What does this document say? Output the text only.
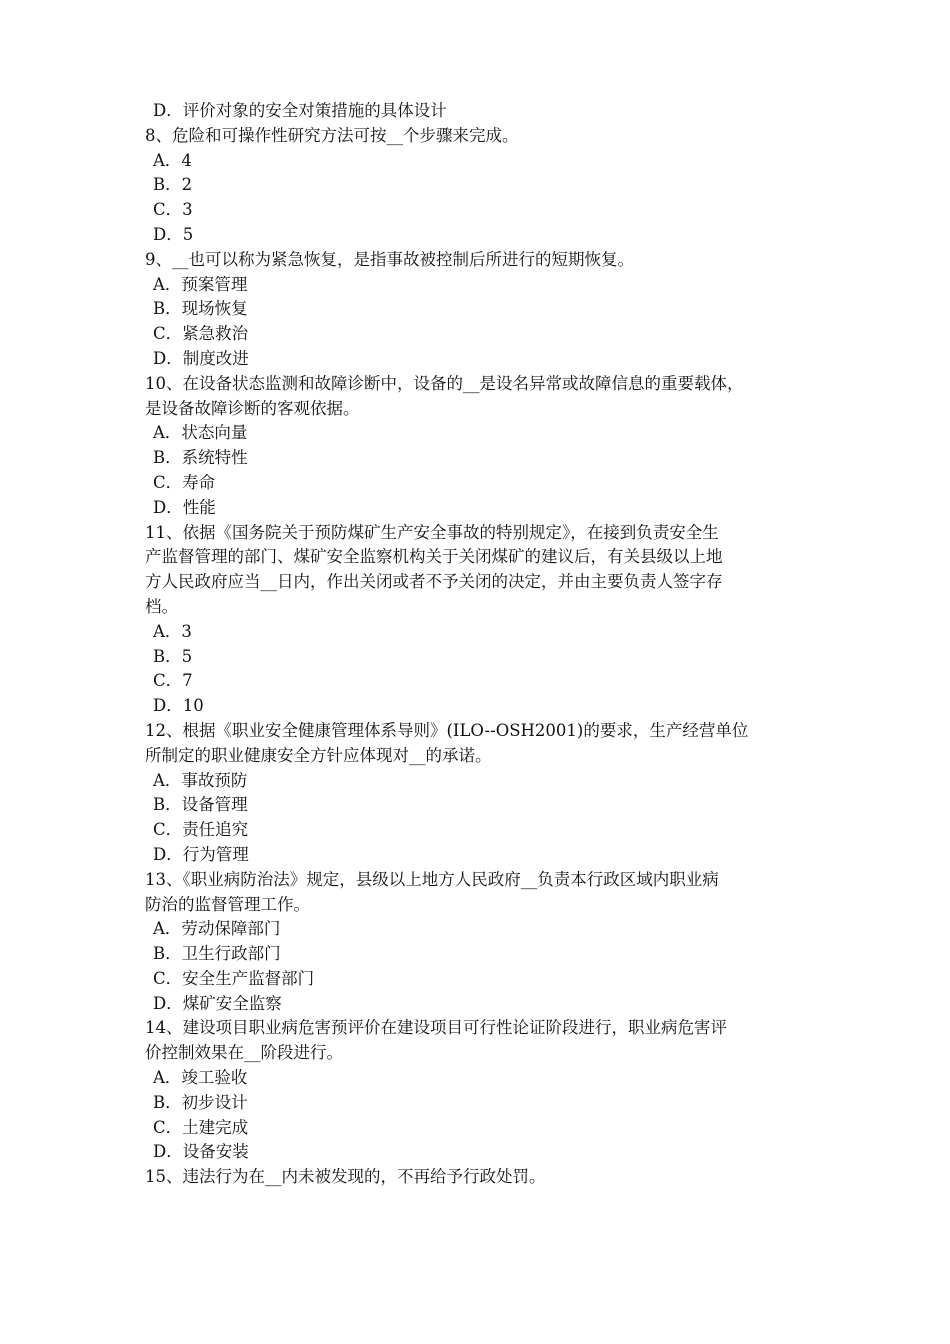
D．评价对象的安全对策措施的具体设计
8、危险和可操作性研究方法可按__个步骤来完成。
A．4
B．2
C．3
D．5
9、__也可以称为紧急恢复，是指事故被控制后所进行的短期恢复。
A．预案管理
B．现场恢复
C．紧急救治
D．制度改进
10、在设备状态监测和故障诊断中，设备的__是设名异常或故障信息的重要载体，
是设备故障诊断的客观依据。
A．状态向量
B．系统特性
C．寿命
D．性能
11、依据《国务院关于预防煤矿生产安全事故的特别规定》，在接到负责安全生
产监督管理的部门、煤矿安全监察机构关于关闭煤矿的建议后，有关县级以上地
方人民政府应当__日内，作出关闭或者不予关闭的决定，并由主要负责人签字存
档。
A．3
B．5
C．7
D．10
12、根据《职业安全健康管理体系导则》(ILO--OSH2001)的要求，生产经营单位
所制定的职业健康安全方针应体现对__的承诺。
A．事故预防
B．设备管理
C．责任追究
D．行为管理
13、《职业病防治法》规定，县级以上地方人民政府__负责本行政区域内职业病
防治的监督管理工作。
A．劳动保障部门
B．卫生行政部门
C．安全生产监督部门
D．煤矿安全监察
14、建设项目职业病危害预评价在建设项目可行性论证阶段进行，职业病危害评
价控制效果在__阶段进行。
A．竣工验收
B．初步设计
C．土建完成
D．设备安装
15、违法行为在__内未被发现的，不再给予行政处罚。
